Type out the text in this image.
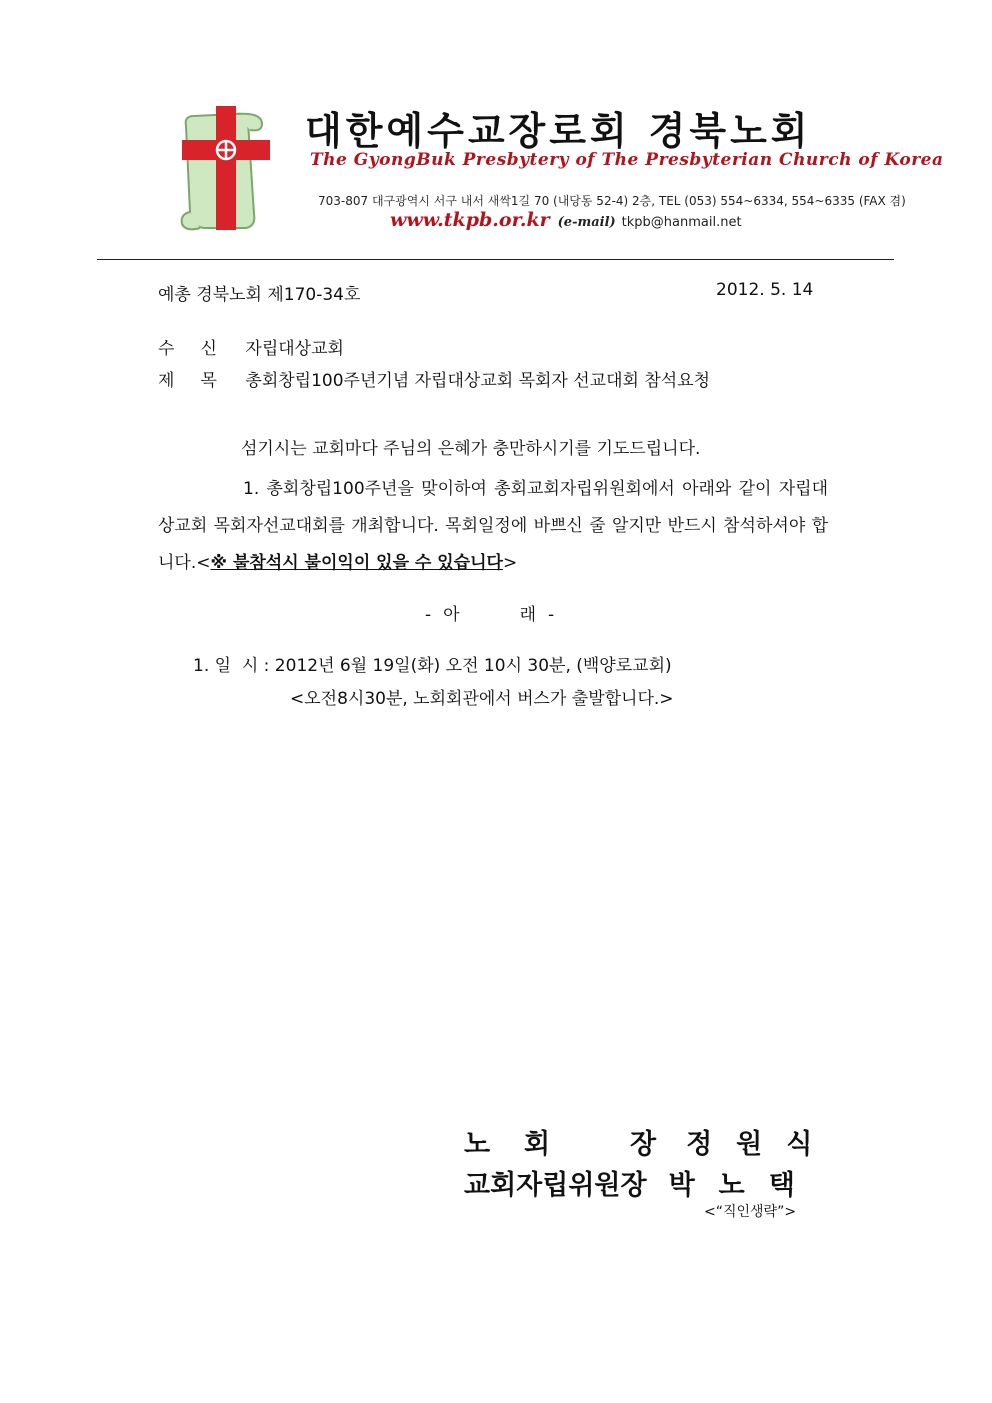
대한예수교장로회 경북노회
The GyongBuk Presbytery of The Presbyterian Church of Korea
703-807 대구광역시 서구 내서 새싹1길 70 (내당동 52-4) 2층, TEL (053) 554~6334, 554~6335 (FAX 겸)
www.tkpb.or.kr (e-mail) tkpb@hanmail.net
예총 경북노회 제170-34호	2012. 5. 14
수 신 자립대상교회
제 목 총회창립100주년기념 자립대상교회 목회자 선교대회 참석요청
섬기시는 교회마다 주님의 은혜가 충만하시기를 기도드립니다.
1. 총회창립100주년을 맞이하여 총회교회자립위원회에서 아래와 같이 자립대상교회 목회자선교대회를 개최합니다. 목회일정에 바쁘신 줄 알지만 반드시 참석하셔야 합니다.<※ 불참석시 불이익이 있을 수 있습니다>
- 아	래 -
1. 일  시 : 2012년 6월 19일(화) 오전 10시 30분, (백양로교회)
<오전8시30분, 노회회관에서 버스가 출발합니다.>
노 회	장 정원식
교회자립위원장 박노택
<“직인생략”>
